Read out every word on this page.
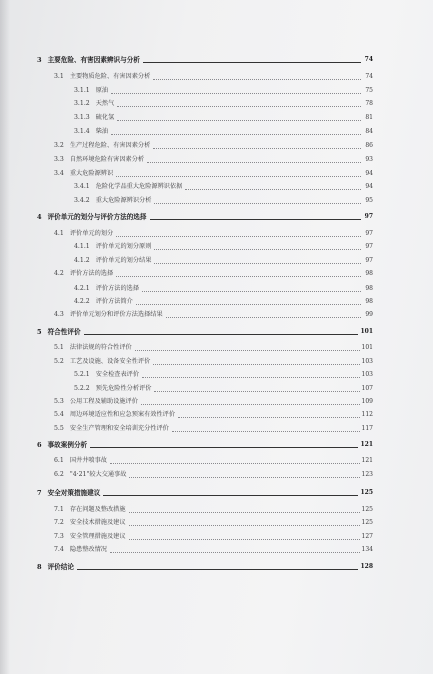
3 主要危险、有害因素辨识与分析	74
3.1 主要物质危险、有害因素分析	74
3.1.1 原油	75
3.1.2 天然气	78
3.1.3 硫化氢	81
3.1.4 柴油	84
3.2 生产过程危险、有害因素分析	86
3.3 自然环境危险有害因素分析	93
3.4 重大危险源辨识	94
3.4.1 危险化学品重大危险源辨识依据	94
3.4.2 重大危险源辨识分析	95
4 评价单元的划分与评价方法的选择	97
4.1 评价单元的划分	97
4.1.1 评价单元的划分原则	97
4.1.2 评价单元的划分结果	97
4.2 评价方法的选择	98
4.2.1 评价方法的选择	98
4.2.2 评价方法简介	98
4.3 评价单元划分和评价方法选择结果	99
5 符合性评价	101
5.1 法律法规的符合性评价	101
5.2 工艺及设施、设备安全性评价	103
5.2.1 安全检查表评价	103
5.2.2 预先危险性分析评价	107
5.3 公用工程及辅助设施评价	109
5.4 周边环境适应性和应急预案有效性评价	112
5.5 安全生产管理和安全培训充分性评价	117
6 事故案例分析	121
6.1 国井井喷事故	121
6.2 "4·21"较大交通事故	123
7 安全对策措施建议	125
7.1 存在问题及整改措施	125
7.2 安全技术措施及建议	125
7.3 安全管理措施及建议	127
7.4 隐患整改情况	134
8 评价结论	128
